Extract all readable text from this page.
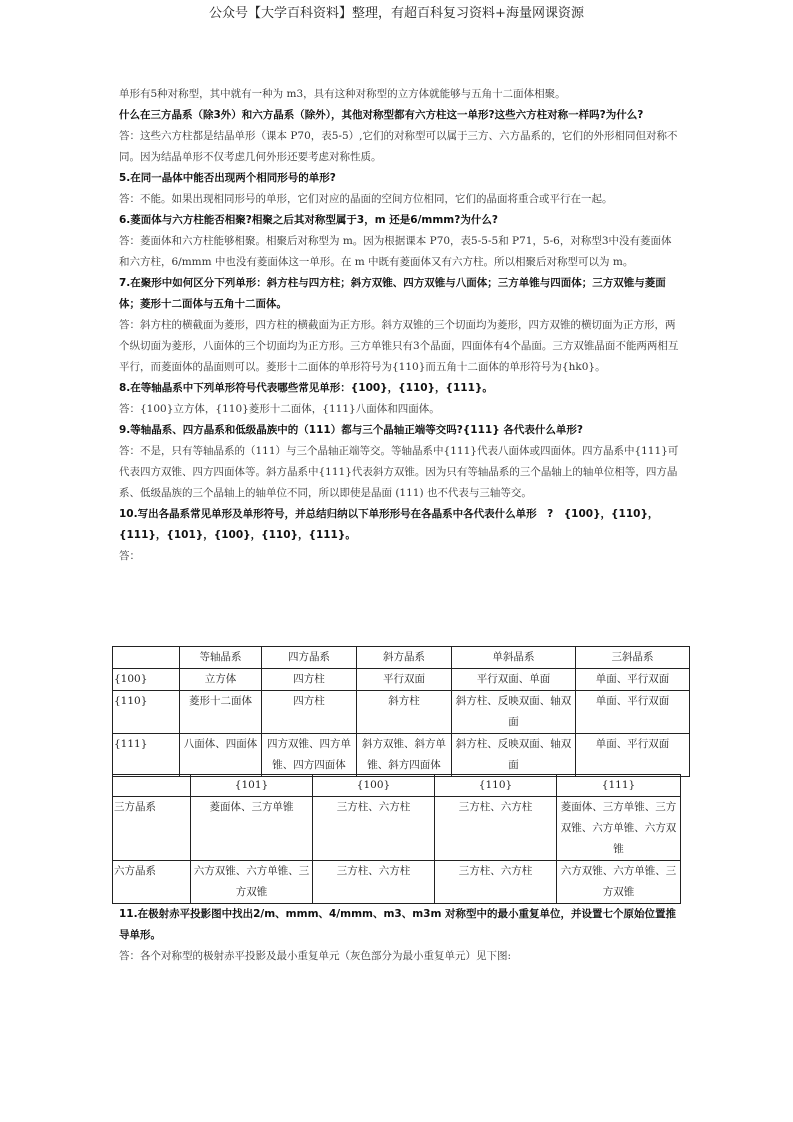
公众号【大学百科资料】整理，有超百科复习资料+海量网课资源

单形有5种对称型，其中就有一种为 m3，具有这种对称型的立方体就能够与五角十二面体相聚。

什么在三方晶系（除3外）和六方晶系（除外），其他对称型都有六方柱这一单形?这些六方柱对称一样吗?为什么?

答：这些六方柱都是结晶单形（课本 P70，表5-5）,它们的对称型可以属于三方、六方晶系的，它们的外形相同但对称不同。因为结晶单形不仅考虑几何外形还要考虑对称性质。

5.在同一晶体中能否出现两个相同形号的单形?

答：不能。如果出现相同形号的单形，它们对应的晶面的空间方位相同，它们的晶面将重合或平行在一起。

6.菱面体与六方柱能否相聚?相聚之后其对称型属于3，m 还是6/mmm?为什么?

答：菱面体和六方柱能够相聚。相聚后对称型为 m。因为根据课本 P70，表5-5-5和 P71，5-6，对称型3中没有菱面体和六方柱，6/mmm 中也没有菱面体这一单形。在 m 中既有菱面体又有六方柱。所以相聚后对称型可以为 m。

7.在聚形中如何区分下列单形：斜方柱与四方柱；斜方双锥、四方双锥与八面体；三方单锥与四面体；三方双锥与菱面体；菱形十二面体与五角十二面体。

答：斜方柱的横截面为菱形，四方柱的横截面为正方形。斜方双锥的三个切面均为菱形，四方双锥的横切面为正方形，两个纵切面为菱形，八面体的三个切面均为正方形。三方单锥只有3个晶面，四面体有4个晶面。三方双锥晶面不能两两相互平行，而菱面体的晶面则可以。菱形十二面体的单形符号为{110}而五角十二面体的单形符号为{hk0}。

8.在等轴晶系中下列单形符号代表哪些常见单形：{100}，{110}，{111}。

答：{100}立方体，{110}菱形十二面体，{111}八面体和四面体。

9.等轴晶系、四方晶系和低级晶族中的（111）都与三个晶轴正端等交吗?{111} 各代表什么单形?

答：不是，只有等轴晶系的（111）与三个晶轴正端等交。等轴晶系中{111}代表八面体或四面体。四方晶系中{111}可代表四方双锥、四方四面体等。斜方晶系中{111}代表斜方双锥。因为只有等轴晶系的三个晶轴上的轴单位相等，四方晶系、低级晶族的三个晶轴上的轴单位不同，所以即使是晶面 (111) 也不代表与三轴等交。

10.写出各晶系常见单形及单形符号，并总结归纳以下单形形号在各晶系中各代表什么单形　?　{100}，{110}，{111}，{101}，{100}，{110}，{111}。

答：

	等轴晶系	四方晶系	斜方晶系	单斜晶系	三斜晶系
{100}	立方体	四方柱	平行双面	平行双面、单面	单面、平行双面
{110}	菱形十二面体	四方柱	斜方柱	斜方柱、反映双面、轴双面	单面、平行双面
{111}	八面体、四面体	四方双锥、四方单锥、四方四面体	斜方双锥、斜方单锥、斜方四面体	斜方柱、反映双面、轴双面	单面、平行双面
	{101}	{100}	{110}	{111}
三方晶系	菱面体、三方单锥	三方柱、六方柱	三方柱、六方柱	菱面体、三方单锥、三方双锥、六方单锥、六方双锥
六方晶系	六方双锥、六方单锥、三方双锥	三方柱、六方柱	三方柱、六方柱	六方双锥、六方单锥、三方双锥

11.在极射赤平投影图中找出2/m、mmm、4/mmm、m3、m3m 对称型中的最小重复单位，并设置七个原始位置推导单形。

答：各个对称型的极射赤平投影及最小重复单元（灰色部分为最小重复单元）见下图:
